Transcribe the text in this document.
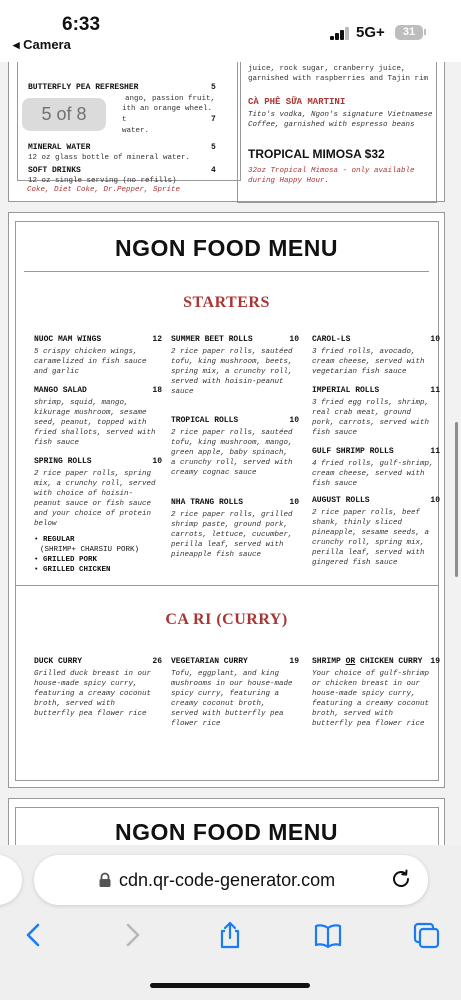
6:33
◂ Camera
5G+	31
BUTTERFLY PEA REFRESHER	5
ango, passion fruit,
ith an orange wheel.
7
t
water.
MINERAL WATER	5
12 oz glass bottle of mineral water.
SOFT DRINKS	4
12 oz single serving (no refills)
Coke, Diet Coke, Dr.Pepper, Sprite
juice, rock sugar, cranberry juice,
garnished with raspberries and Tajin rim
CÀ PHÊ SỮA MARTINI
Tito's vodka, Ngon's signature Vietnamese
Coffee, garnished with espresso beans
TROPICAL MIMOSA $32
32oz Tropical Mimosa - only available
during Happy Hour.
5 of 8
NGON FOOD MENU
STARTERS
NUOC MAM WINGS	12
5 crispy chicken wings, caramelized in fish sauce and garlic
MANGO SALAD	18
shrimp, squid, mango, kikurage mushroom, sesame seed, peanut, topped with fried shallots, served with fish sauce
SPRING ROLLS	10
2 rice paper rolls, spring mix, a crunchy roll, served with choice of hoisin-peanut sauce or fish sauce and your choice of protein below
• REGULAR
(SHRIMP+ CHARSIU PORK)
• GRILLED PORK
• GRILLED CHICKEN
SUMMER BEET ROLLS	10
2 rice paper rolls, sautéed tofu, king mushroom, beets, spring mix, a crunchy roll, served with hoisin-peanut sauce
TROPICAL ROLLS	10
2 rice paper rolls, sautéed tofu, king mushroom, mango, green apple, baby spinach, a crunchy roll, served with creamy cognac sauce
NHA TRANG ROLLS	10
2 rice paper rolls, grilled shrimp paste, ground pork, carrots, lettuce, cucumber, perilla leaf, served with pineapple fish sauce
CAROL-LS	10
3 fried rolls, avocado, cream cheese, served with vegetarian fish sauce
IMPERIAL ROLLS	11
3 fried egg rolls, shrimp, real crab meat, ground pork, carrots, served with fish sauce
GULF SHRIMP ROLLS	11
4 fried rolls, gulf-shrimp, cream cheese, served with fish sauce
AUGUST ROLLS	10
2 rice paper rolls, beef shank, thinly sliced pineapple, sesame seeds, a crunchy roll, spring mix, perilla leaf, served with gingered fish sauce
CA RI (CURRY)
DUCK CURRY	26
Grilled duck breast in our house-made spicy curry, featuring a creamy coconut broth, served with butterfly pea flower rice
VEGETARIAN CURRY	19
Tofu, eggplant, and king mushrooms in our house-made spicy curry, featuring a creamy coconut broth, served with butterfly pea flower rice
SHRIMP OR CHICKEN CURRY 19
Your choice of gulf-shrimp or chicken breast in our house-made spicy curry, featuring a creamy coconut broth, served with butterfly pea flower rice
NGON FOOD MENU
cdn.qr-code-generator.com
